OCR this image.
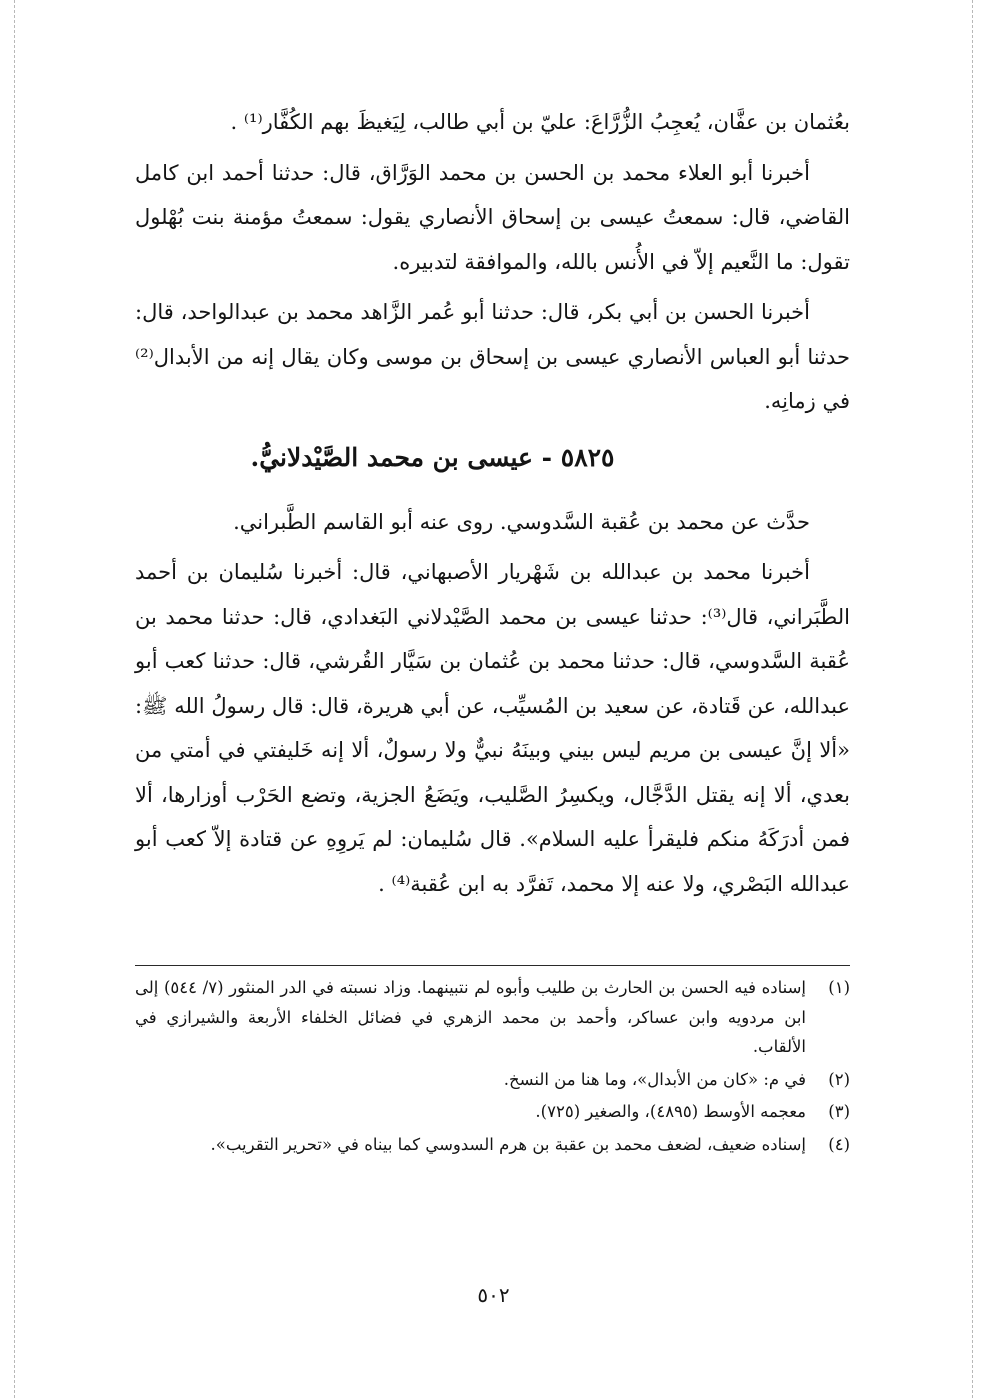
بعُثمان بن عفَّان، يُعجِبُ الزُّرَّاعَ: عليّ بن أبي طالب، لِيَغيظَ بهم الكُفَّار⁽¹⁾ .

أخبرنا أبو العلاء محمد بن الحسن بن محمد الوَرَّاق، قال: حدثنا أحمد ابن كامل القاضي، قال: سمعتُ عيسى بن إسحاق الأنصاري يقول: سمعتُ مؤمنة بنت بُهْلول تقول: ما النَّعيم إلاّ في الأُنس بالله، والموافقة لتدبيره.

أخبرنا الحسن بن أبي بكر، قال: حدثنا أبو عُمر الزَّاهد محمد بن عبدالواحد، قال: حدثنا أبو العباس الأنصاري عيسى بن إسحاق بن موسى وكان يقال إنه من الأبدال⁽²⁾ في زمانِه.

٥٨٢٥ - عيسى بن محمد الصَّيْدلانيُّ.

حدَّث عن محمد بن عُقبة السَّدوسي. روى عنه أبو القاسم الطَّبراني.

أخبرنا محمد بن عبدالله بن شَهْريار الأصبهاني، قال: أخبرنا سُليمان بن أحمد الطَّبَراني، قال⁽³⁾: حدثنا عيسى بن محمد الصَّيْدلاني البَغدادي، قال: حدثنا محمد بن عُقبة السَّدوسي، قال: حدثنا محمد بن عُثمان بن سَيَّار القُرشي، قال: حدثنا كعب أبو عبدالله، عن قَتادة، عن سعيد بن المُسيِّب، عن أبي هريرة، قال: قال رسولُ الله ﷺ: «ألا إنَّ عيسى بن مريم ليس بيني وبينَهُ نبيٌّ ولا رسولٌ، ألا إنه خَليفتي في أمتي من بعدي، ألا إنه يقتل الدَّجَّال، ويكسِرُ الصَّليب، ويَضَعُ الجزية، وتضع الحَرْب أوزارها، ألا فمن أدرَكَهُ منكم فليقرأ عليه السلام». قال سُليمان: لم يَروِهِ عن قتادة إلاّ كعب أبو عبدالله البَصْري، ولا عنه إلا محمد، تَفرَّد به ابن عُقبة⁽⁴⁾ .

(١)
إسناده فيه الحسن بن الحارث بن طليب وأبوه لم نتبينهما. وزاد نسبته في الدر المنثور (٧/ ٥٤٤) إلى ابن مردويه وابن عساكر، وأحمد بن محمد الزهري في فضائل الخلفاء الأربعة والشيرازي في الألقاب.
(٢)
في م: «كان من الأبدال»، وما هنا من النسخ.
(٣)
معجمه الأوسط (٤٨٩٥)، والصغير (٧٢٥).
(٤)
إسناده ضعيف، لضعف محمد بن عقبة بن هرم السدوسي كما بيناه في «تحرير التقريب».
٥٠٢
